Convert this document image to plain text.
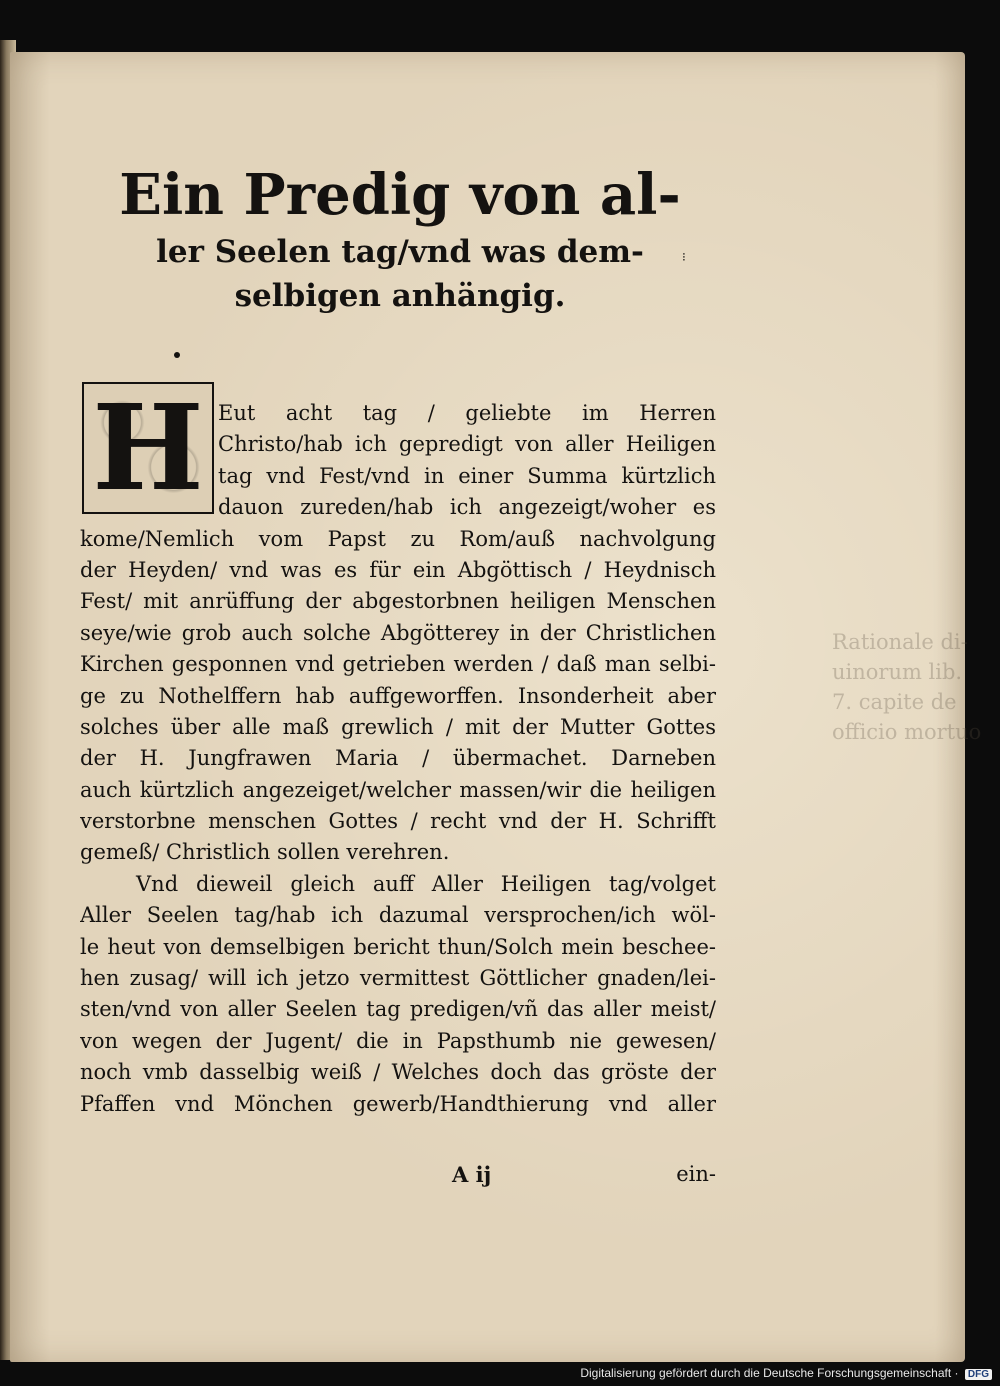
Rationale di-
uinorum lib.
7. capite de
officio mortuo
Ein Predig von al-
ler Seelen tag/vnd was dem-
selbigen anhängig.
⁝
H Eut acht tag / geliebte im Herren
Christo/hab ich gepredigt von aller Heiligen
tag vnd Fest/vnd in einer Summa kürtzlich
dauon zureden/hab ich angezeigt/woher es
kome/Nemlich vom Papst zu Rom/auß nachvolgung
der Heyden/ vnd was es für ein Abgöttisch / Heydnisch
Fest/ mit anrüffung der abgestorbnen heiligen Menschen
seye/wie grob auch solche Abgötterey in der Christlichen
Kirchen gesponnen vnd getrieben werden / daß man selbi-
ge zu Nothelffern hab auffgeworffen. Insonderheit aber
solches über alle maß grewlich / mit der Mutter Gottes
der H. Jungfrawen Maria / übermachet. Darneben
auch kürtzlich angezeiget/welcher massen/wir die heiligen
verstorbne menschen Gottes / recht vnd der H. Schrifft
gemeß/ Christlich sollen verehren.
Vnd dieweil gleich auff Aller Heiligen tag/volget
Aller Seelen tag/hab ich dazumal versprochen/ich wöl-
le heut von demselbigen bericht thun/Solch mein beschee-
hen zusag/ will ich jetzo vermittest Göttlicher gnaden/lei-
sten/vnd von aller Seelen tag predigen/vñ das aller meist/
von wegen der Jugent/ die in Papsthumb nie gewesen/
noch vmb dasselbig weiß / Welches doch das gröste der
Pfaffen vnd Mönchen gewerb/Handthierung vnd aller
A ij	ein-
Digitalisierung gefördert durch die Deutsche Forschungsgemeinschaft · DFG
